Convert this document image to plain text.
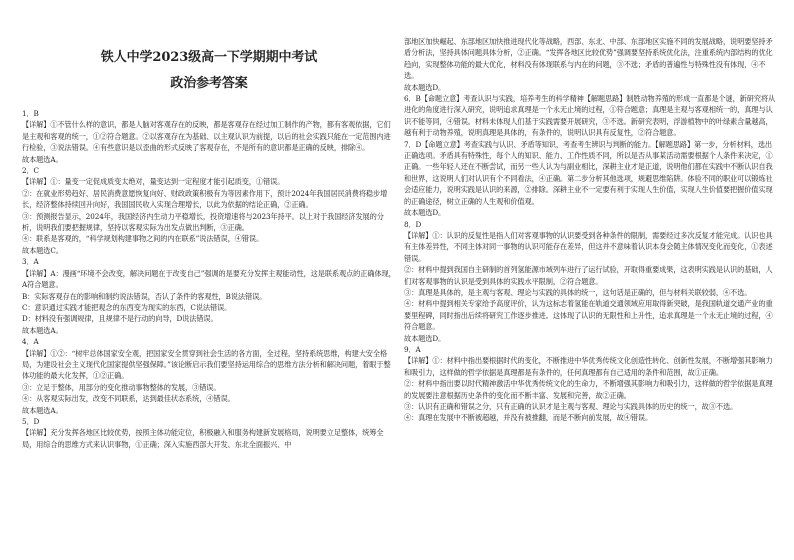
铁人中学2023级高一下学期期中考试
政治参考答案

1．B

【详解】①不管什么样的意识，都是人脑对客观存在的反映，都是客观存在经过加工制作的产物，都有客观依据，它们是主观和客观的统一，①②符合题意。②以客观存在为基础、以主观认识为前提，以后的社会实践只能在一定范围内进行检验，③说法错误。④有些意识是以歪曲的形式反映了客观存在，不是所有的意识都是正确的反映，排除④。

故本题选A。

2．C

【详解】①：量变一定促成质变太绝对，量变达到一定程度才能引起质变，①错误。

②：在就业形势趋好、居民消费意愿恢复向好、财政政策积极有为等因素作用下，预计2024年我国居民消费将稳步增长，经济整体持续回升向好，我国国民收入实现合理增长，以此为依据的结论正确，②正确。

③：预测报告显示，2024年，我国经济内生动力平稳增长，投资增速将与2023年持平。以上对于我国经济发展的分析，说明我们要把握规律，坚持以客观实际为出发点做出判断，③正确。

④：联系是客观的，“科学规划构建事物之间的内在联系”说法错误，④错误。

故本题选C。

3．A

【详解】A：漫画“环境不会改变，解决问题在于改变自己”强调的是要充分发挥主观能动性，这是联系观点的正确体现，A符合题意。

B：实际客观存在的影响和制约说法错误，否认了条件的客观性，B说法错误。

C：意识通过实践才能把观念的东西变为现实的东西，C说法错误。

D：材料没有强调规律，且规律不是行动的向导，D说法错误。

故本题选A。

4．A

【详解】①②：“树牢总体国家安全观，把国家安全贯穿到社会生活的各方面，全过程，坚持系统思维，构建大安全格局，为建设社会主义现代化国家提供坚强保障。”该论断启示我们要坚持运用综合的思维方法分析和解决问题，着眼于整体功能的最大化发挥，①②正确。

③：立足于整体，用部分的变化推动事物整体的发展，③错误。

④：从客观实际出发，改变不同联系，达到最佳状态系统，④错误。

故本题选A。

5．D

【详解】充分发挥各地区比较优势，按照主体功能定位，积极融入和服务构建新发展格局，说明要立足整体，统筹全局，用综合的思维方式来认识事物，①正确；深入实施西部大开发、东北全面振兴、中

部地区加快崛起、东部地区加快推进现代化等战略，西部、东北、中部、东部地区实施不同的发展战略，说明要坚持矛盾分析法，坚持具体问题具体分析，②正确。“发挥各地区比较优势”强调要坚持系统优化法，注重系统内部结构的优化趋向，实现整体功能的最大优化，材料没有体现联系与内在的问题，③不选；矛盾的普遍性与特殊性没有体现，④不选。

故本题选D。

6．B【命题立意】考查认识与实践，培养考生的科学精神【解题思路】制胜动物养殖的形成一直都是个谜，新研究将从进化的角度进行深入研究，说明追求真理是一个永无止境的过程，①符合题意；真理是主观与客观相统一的，真理与认识不能等同，④错误。材料未体现人们基于实践需要开展研究，③不选。新研究表明，浮游植物中的叶绿素含量越高，越有利于动物养殖，说明真理是具体的，有条件的，说明认识具有反复性，②符合题意。

7．D【命题立意】考查实践与认识、矛盾等知识，考查考生辨识与判断的能力。【解题思路】第一步，分析材料，选出正确选项。矛盾具有特殊性，每个人的知识、能力、工作性质不同，所以是否从事某活动需要根据个人条件来决定，①正确。一些年轻人还在不断尝试，而另一些人认为与副业相比，深耕主业才是正道，说明他们都在实践中不断认识自我和世界，这说明人们对认识有个不同看法，④正确。第二步分析其他选项，规避思维陷阱。体验不同的职业可以锻炼社会适应能力，说明实践是认识的来源，②排除。深耕主业不一定要有利于实现人生价值，实现人生价值要把握价值实现的正确途径，树立正确的人生观和价值观。

故本题选D。

8．D

【详解】①：认识的反复性是指人们对客观事物的认识要受到各种条件的限制，需要经过多次反复才能完成。认识也具有主体差异性，不同主体对同一事物的认识可能存在差异，但这并不意味着认识本身会随主体情况变化而变化，①表述错误。

②：材料中提到我国自主研制的首列氢能源市域列车进行了运行试验，开取得重要成果，这表明实践是认识的基础，人们对客观事物的认识是受到具体的实践水平限制，②符合题意。

③：真理是具体的，是主观与客观、理论与实践的具体的统一，这句话是正确的，但与材料关联较弱，④不选。

④：材料中提到相关专家给予高度评价，认为这标志着氢能在轨道交通领域应用取得新突破，是我国轨道交通产业的重要里程碑，同时指出后续将研究工作逐步推进。这体现了认识的无限性和上升性，追求真理是一个永无止境的过程，④符合题意。

故本题选D。

9．A

【详解】①：材料中指出要根据时代的变化，不断推进中华优秀传统文化创造性转化、创新性发展，不断增强其影响力和吸引力，这样做的哲学依据是真理都是有条件的，任何真理都有自己适用的条件和范围，故①正确。

②：材料中指出要以时代精神激活中华优秀传统文化的生命力，不断增强其影响力和吸引力，这样做的哲学依据是真理的发展要注意根据历史条件的变化而不断丰富、发展和完善，故②正确。

③：认识有正确和错误之分，只有正确的认识才是主观与客观、理论与实践具体的历史的统一，故③不选。

④：真理在发展中不断被超越，并没有被推翻，而是不断向前发展，故④错误。
